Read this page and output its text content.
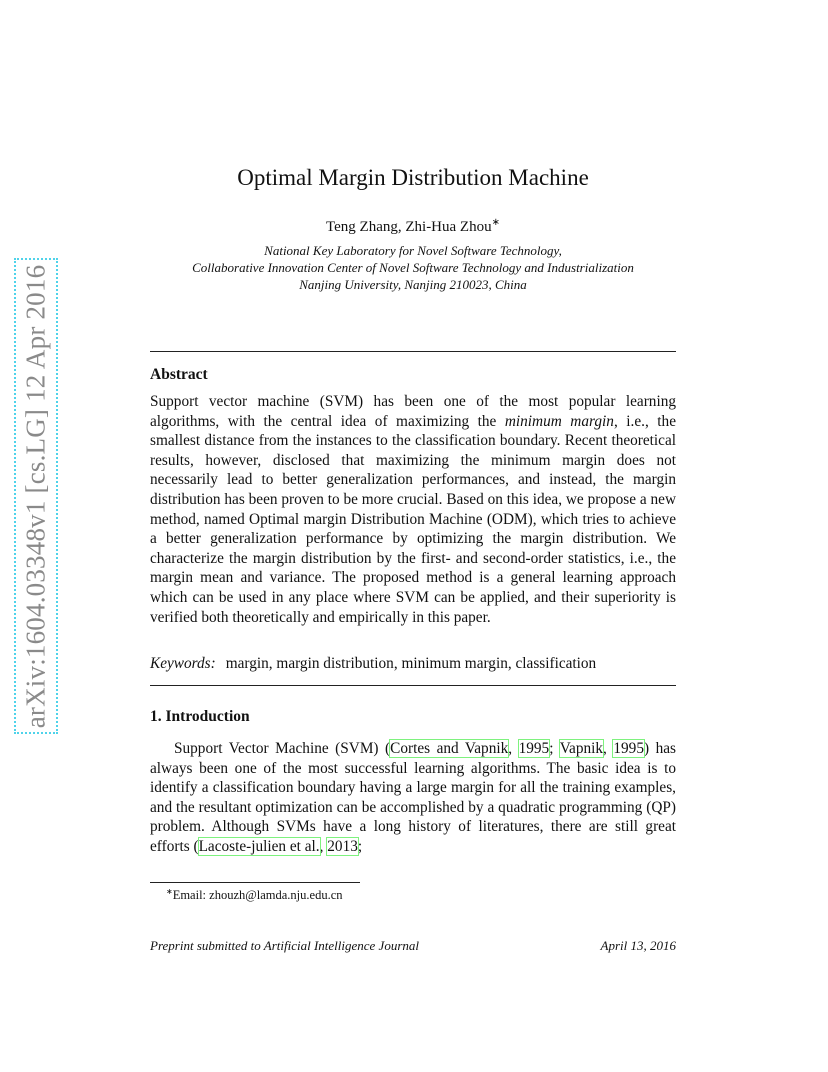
arXiv:1604.03348v1 [cs.LG] 12 Apr 2016
Optimal Margin Distribution Machine
Teng Zhang, Zhi-Hua Zhou∗
National Key Laboratory for Novel Software Technology,
Collaborative Innovation Center of Novel Software Technology and Industrialization
Nanjing University, Nanjing 210023, China
Abstract
Support vector machine (SVM) has been one of the most popular learning algorithms, with the central idea of maximizing the minimum margin, i.e., the smallest distance from the instances to the classification boundary. Recent theoretical results, however, disclosed that maximizing the minimum margin does not necessarily lead to better generalization performances, and instead, the margin distribution has been proven to be more crucial. Based on this idea, we propose a new method, named Optimal margin Distribution Machine (ODM), which tries to achieve a better generalization performance by optimizing the margin distribution. We characterize the margin distribution by the first- and second-order statistics, i.e., the margin mean and variance. The proposed method is a general learning approach which can be used in any place where SVM can be applied, and their superiority is verified both theoretically and empirically in this paper.
Keywords: margin, margin distribution, minimum margin, classification
1. Introduction
Support Vector Machine (SVM) (Cortes and Vapnik, 1995; Vapnik, 1995) has always been one of the most successful learning algorithms. The basic idea is to identify a classification boundary having a large margin for all the training examples, and the resultant optimization can be accomplished by a quadratic programming (QP) problem. Although SVMs have a long history of literatures, there are still great efforts (Lacoste-julien et al., 2013;
∗Email: zhouzh@lamda.nju.edu.cn
Preprint submitted to Artificial Intelligence Journal	April 13, 2016
